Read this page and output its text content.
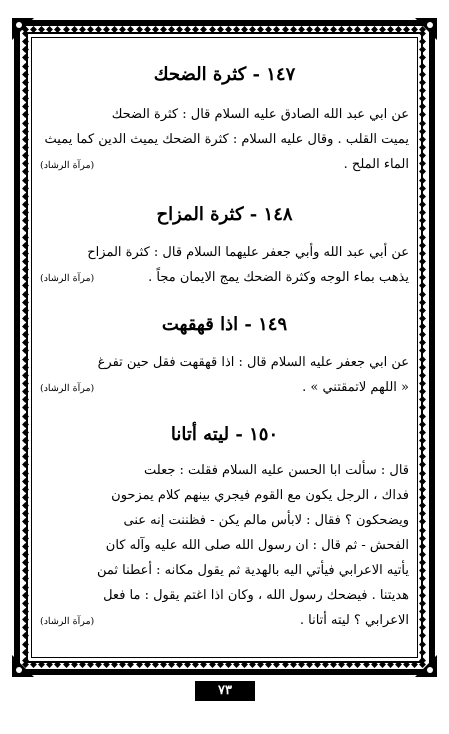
١٤٧ - كثرة الضحك

عن ابي عبد الله الصادق عليه السلام قال : كثرة الضحك

يميت القلب . وقال عليه السلام : كثرة الضحك يميث الدين كما يميث

الماء الملح .
(مرآة الرشاد)
١٤٨ - كثرة المزاح

عن أبي عبد الله وأبي جعفر عليهما السلام قال : كثرة المزاح

يذهب بماء الوجه وكثرة الضحك يمج الايمان مجاً .
(مرآة الرشاد)
١٤٩ - اذا قهقهت

عن ابي جعفر عليه السلام قال : اذا قهقهت فقل حين تفرغ

« اللهم لاتمقتني » .
(مرآة الرشاد)
١٥٠ - ليته أتانا

قال : سألت ابا الحسن عليه السلام فقلت : جعلت

فداك ، الرجل يكون مع القوم فيجري بينهم كلام يمزحون

ويضحكون ؟ فقال : لابأس مالم يكن - فظننت إنه عنى

الفحش - ثم قال : ان رسول الله صلى الله عليه وآله كان

يأتيه الاعرابي فيأتي اليه بالهدية ثم يقول مكانه : أعطنا ثمن

هديتنا . فيضحك رسول الله ، وكان اذا اغتم يقول : ما فعل

الاعرابي ؟ ليته أتانا .
(مرآة الرشاد)
٧٣
